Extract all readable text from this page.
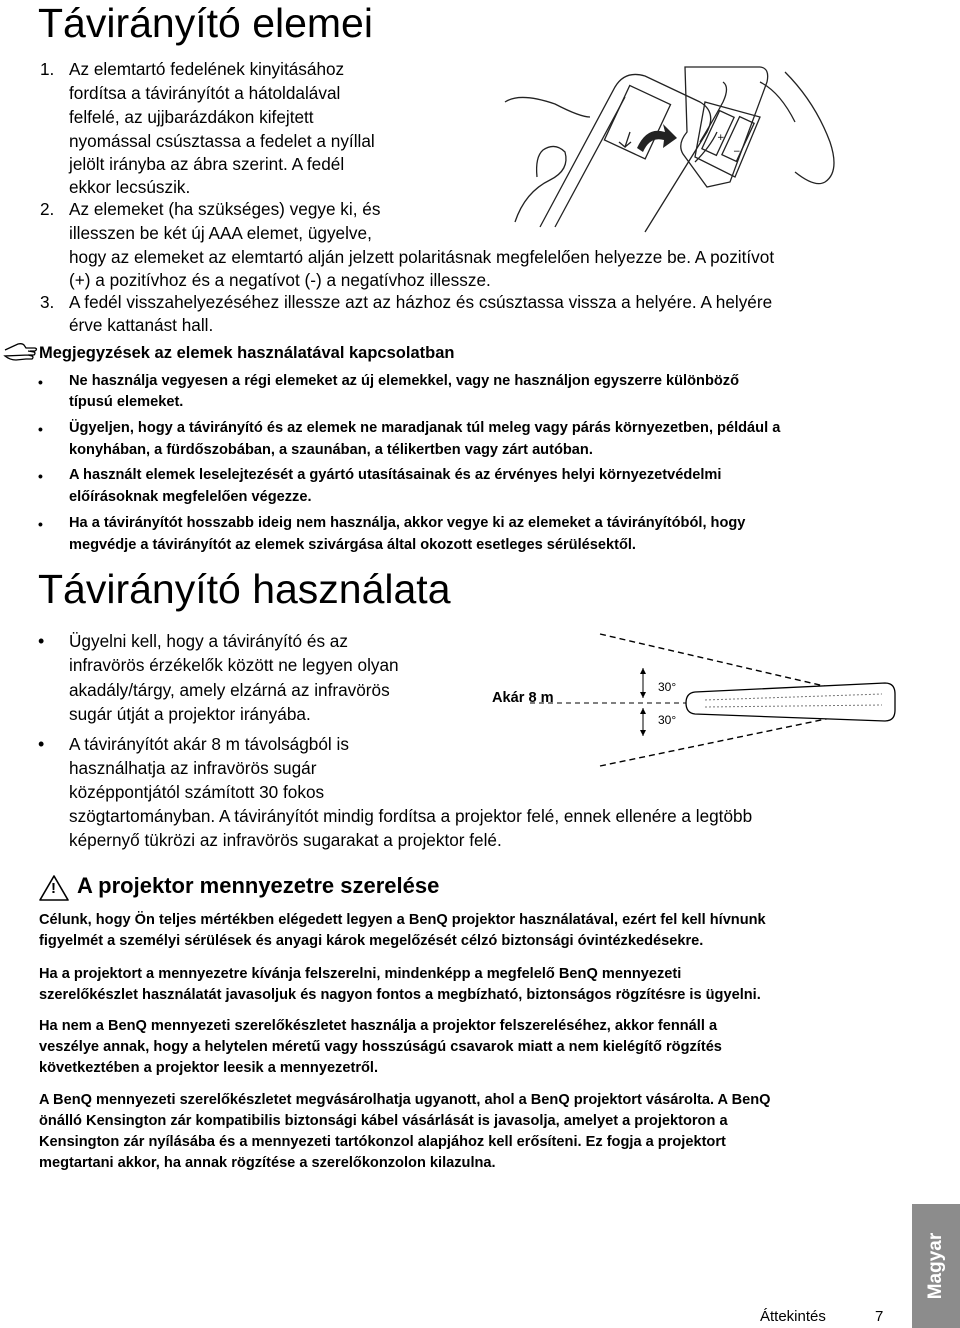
Távirányító elemei
1. Az elemtartó fedelének kinyitásához
fordítsa a távirányítót a hátoldalával
felfelé, az ujjbarázdákon kifejtett
nyomással csúsztassa a fedelet a nyíllal
jelölt irányba az ábra szerint. A fedél
ekkor lecsúszik.
2. Az elemeket (ha szükséges) vegye ki, és
illesszen be két új AAA elemet, ügyelve,
hogy az elemeket az elemtartó alján jelzett polaritásnak megfelelően helyezze be. A pozitívot
(+) a pozitívhoz és a negatívot (-) a negatívhoz illessze.
3. A fedél visszahelyezéséhez illessze azt az házhoz és csúsztassa vissza a helyére. A helyére
érve kattanást hall.
+
−
Megjegyzések az elemek használatával kapcsolatban
• Ne használja vegyesen a régi elemeket az új elemekkel, vagy ne használjon egyszerre különböző
típusú elemeket.
• Ügyeljen, hogy a távirányító és az elemek ne maradjanak túl meleg vagy párás környezetben, például a
konyhában, a fürdőszobában, a szaunában, a télikertben vagy zárt autóban.
• A használt elemek leselejtezését a gyártó utasításainak és az érvényes helyi környezetvédelmi
előírásoknak megfelelően végezze.
• Ha a távirányítót hosszabb ideig nem használja, akkor vegye ki az elemeket a távirányítóból, hogy
megvédje a távirányítót az elemek szivárgása által okozott esetleges sérülésektől.
Távirányító használata
• Ügyelni kell, hogy a távirányító és az
infravörös érzékelők között ne legyen olyan
akadály/tárgy, amely elzárná az infravörös
sugár útját a projektor irányába.
• A távirányítót akár 8 m távolságból is
használhatja az infravörös sugár
középpontjától számított 30 fokos
szögtartományban. A távirányítót mindig fordítsa a projektor felé, ennek ellenére a legtöbb
képernyő tükrözi az infravörös sugarakat a projektor felé.
Akár 8 m
30°
30°
! A projektor mennyezetre szerelése
Célunk, hogy Ön teljes mértékben elégedett legyen a BenQ projektor használatával, ezért fel kell hívnunk
figyelmét a személyi sérülések és anyagi károk megelőzését célzó biztonsági óvintézkedésekre.
Ha a projektort a mennyezetre kívánja felszerelni, mindenképp a megfelelő BenQ mennyezeti
szerelőkészlet használatát javasoljuk és nagyon fontos a megbízható, biztonságos rögzítésre is ügyelni.
Ha nem a BenQ mennyezeti szerelőkészletet használja a projektor felszereléséhez, akkor fennáll a
veszélye annak, hogy a helytelen méretű vagy hosszúságú csavarok miatt a nem kielégítő rögzítés
következtében a projektor leesik a mennyezetről.
A BenQ mennyezeti szerelőkészletet megvásárolhatja ugyanott, ahol a BenQ projektort vásárolta. A BenQ
önálló Kensington zár kompatibilis biztonsági kábel vásárlását is javasolja, amelyet a projektoron a
Kensington zár nyílásába és a mennyezeti tartókonzol alapjához kell erősíteni. Ez fogja a projektort
megtartani akkor, ha annak rögzítése a szerelőkonzolon kilazulna.
Magyar
Áttekintés	7
